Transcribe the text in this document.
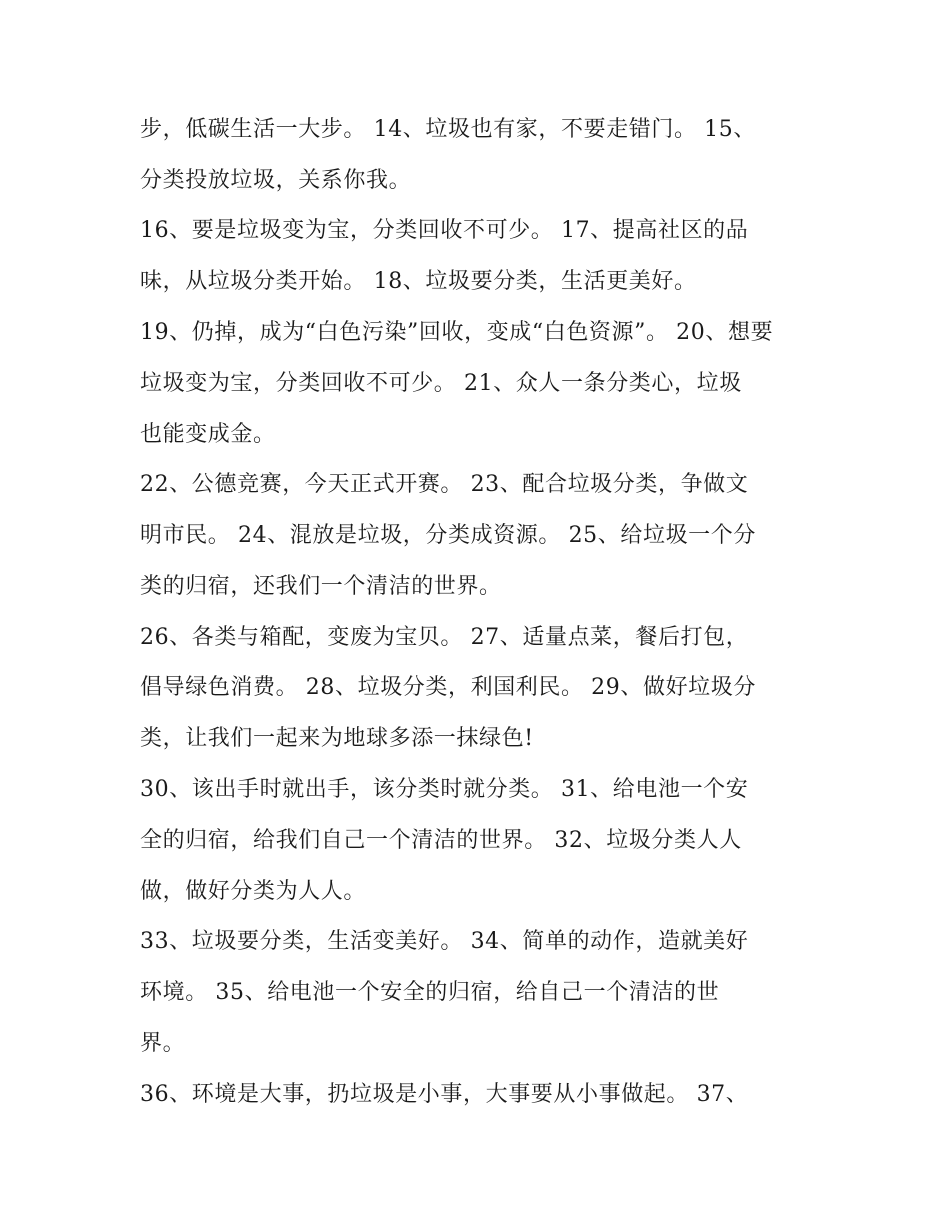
步，低碳生活一大步。 14、垃圾也有家，不要走错门。 15、
分类投放垃圾，关系你我。
16、要是垃圾变为宝，分类回收不可少。 17、提高社区的品
味，从垃圾分类开始。 18、垃圾要分类，生活更美好。
19、仍掉，成为“白色污染”回收，变成“白色资源”。 20、想要
垃圾变为宝，分类回收不可少。 21、众人一条分类心，垃圾
也能变成金。
22、公德竞赛，今天正式开赛。 23、配合垃圾分类，争做文
明市民。 24、混放是垃圾，分类成资源。 25、给垃圾一个分
类的归宿，还我们一个清洁的世界。
26、各类与箱配，变废为宝贝。 27、适量点菜，餐后打包，
倡导绿色消费。 28、垃圾分类，利国利民。 29、做好垃圾分
类，让我们一起来为地球多添一抹绿色!
30、该出手时就出手，该分类时就分类。 31、给电池一个安
全的归宿，给我们自己一个清洁的世界。 32、垃圾分类人人
做，做好分类为人人。
33、垃圾要分类，生活变美好。 34、简单的动作，造就美好
环境。 35、给电池一个安全的归宿，给自己一个清洁的世
界。
36、环境是大事，扔垃圾是小事，大事要从小事做起。 37、
